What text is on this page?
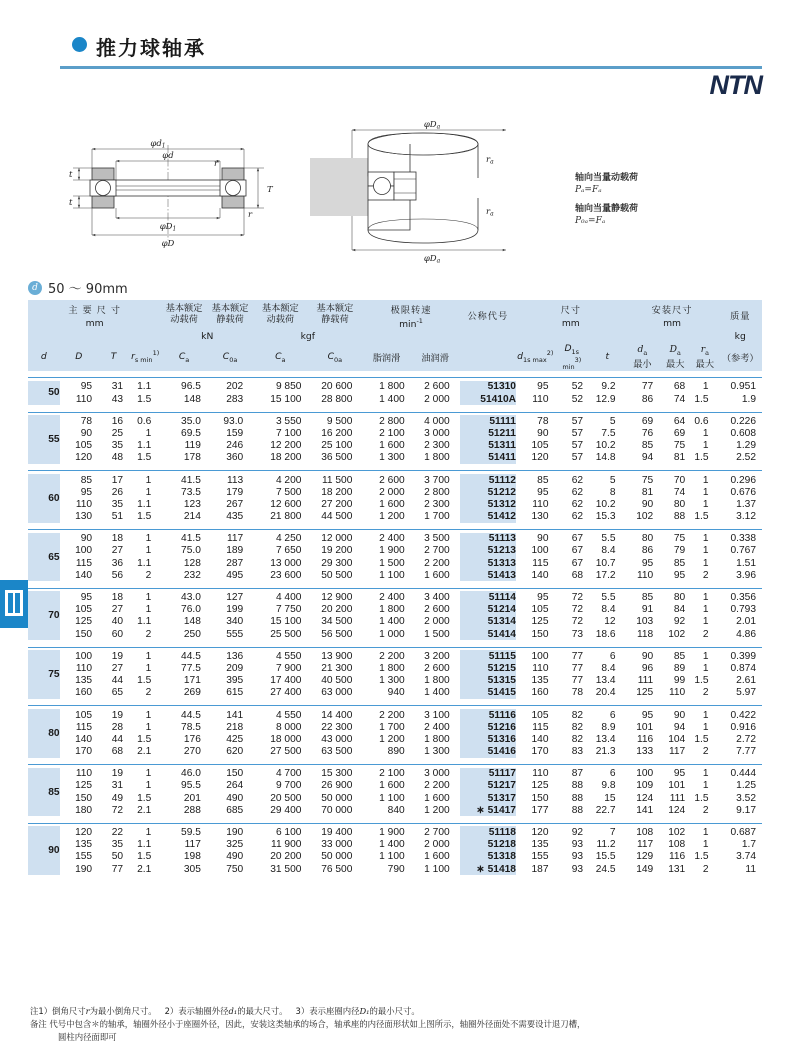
推力球轴承
NTN
φd1
φd
φD1
φD
t
t
T
r
r
φDa
φDa
ra
ra
轴向当量动载荷
Pₐ=Fₐ
轴向当量静载荷
P₀ₐ=Fₐ
d 50 ～ 90mm
主 要 尺 寸				基本额定
动载荷	基本额定
静载荷	基本额定
动载荷	基本额定
静载荷	极限转速		公称代号	尺寸			安装尺寸			质量
mm								$\min^{-1}$			mm			mm			
				kN		kgf											kg
d	D	T	$r_{s min}^{1)}$	$C_a$	$C_{0a}$	$C_a$	$C_{0a}$	脂润滑	油润滑		$d_{1s max}^{2)}$	$D_{1s min}^{3)}$	t	$d_a$
最小	$D_a$
最大	$r_a$
最大	（参考）

50	95	31	1.1	96.5	202	9 850	20 600	1 800	2 600	51310	95	52	9.2	77	68	1	0.951
	110	43	1.5	148	283	15 100	28 800	1 400	2 000	51410A	110	52	12.9	86	74	1.5	1.9

55	78	16	0.6	35.0	93.0	3 550	9 500	2 800	4 000	51111	78	57	5	69	64	0.6	0.226
	90	25	1	69.5	159	7 100	16 200	2 100	3 000	51211	90	57	7.5	76	69	1	0.608
	105	35	1.1	119	246	12 200	25 100	1 600	2 300	51311	105	57	10.2	85	75	1	1.29
	120	48	1.5	178	360	18 200	36 500	1 300	1 800	51411	120	57	14.8	94	81	1.5	2.52

60	85	17	1	41.5	113	4 200	11 500	2 600	3 700	51112	85	62	5	75	70	1	0.296
	95	26	1	73.5	179	7 500	18 200	2 000	2 800	51212	95	62	8	81	74	1	0.676
	110	35	1.1	123	267	12 600	27 200	1 600	2 300	51312	110	62	10.2	90	80	1	1.37
	130	51	1.5	214	435	21 800	44 500	1 200	1 700	51412	130	62	15.3	102	88	1.5	3.12

65	90	18	1	41.5	117	4 250	12 000	2 400	3 500	51113	90	67	5.5	80	75	1	0.338
	100	27	1	75.0	189	7 650	19 200	1 900	2 700	51213	100	67	8.4	86	79	1	0.767
	115	36	1.1	128	287	13 000	29 300	1 500	2 200	51313	115	67	10.7	95	85	1	1.51
	140	56	2	232	495	23 600	50 500	1 100	1 600	51413	140	68	17.2	110	95	2	3.96

70	95	18	1	43.0	127	4 400	12 900	2 400	3 400	51114	95	72	5.5	85	80	1	0.356
	105	27	1	76.0	199	7 750	20 200	1 800	2 600	51214	105	72	8.4	91	84	1	0.793
	125	40	1.1	148	340	15 100	34 500	1 400	2 000	51314	125	72	12	103	92	1	2.01
	150	60	2	250	555	25 500	56 500	1 000	1 500	51414	150	73	18.6	118	102	2	4.86

75	100	19	1	44.5	136	4 550	13 900	2 200	3 200	51115	100	77	6	90	85	1	0.399
	110	27	1	77.5	209	7 900	21 300	1 800	2 600	51215	110	77	8.4	96	89	1	0.874
	135	44	1.5	171	395	17 400	40 500	1 300	1 800	51315	135	77	13.4	111	99	1.5	2.61
	160	65	2	269	615	27 400	63 000	940	1 400	51415	160	78	20.4	125	110	2	5.97

80	105	19	1	44.5	141	4 550	14 400	2 200	3 100	51116	105	82	6	95	90	1	0.422
	115	28	1	78.5	218	8 000	22 300	1 700	2 400	51216	115	82	8.9	101	94	1	0.916
	140	44	1.5	176	425	18 000	43 000	1 200	1 800	51316	140	82	13.4	116	104	1.5	2.72
	170	68	2.1	270	620	27 500	63 500	890	1 300	51416	170	83	21.3	133	117	2	7.77

85	110	19	1	46.0	150	4 700	15 300	2 100	3 000	51117	110	87	6	100	95	1	0.444
	125	31	1	95.5	264	9 700	26 900	1 600	2 200	51217	125	88	9.8	109	101	1	1.25
	150	49	1.5	201	490	20 500	50 000	1 100	1 600	51317	150	88	15	124	111	1.5	3.52
	180	72	2.1	288	685	29 400	70 000	840	1 200	∗ 51417	177	88	22.7	141	124	2	9.17

90	120	22	1	59.5	190	6 100	19 400	1 900	2 700	51118	120	92	7	108	102	1	0.687
	135	35	1.1	117	325	11 900	33 000	1 400	2 000	51218	135	93	11.2	117	108	1	1.7
	155	50	1.5	198	490	20 200	50 000	1 100	1 600	51318	155	93	15.5	129	116	1.5	3.74
	190	77	2.1	305	750	31 500	76 500	790	1 100	∗ 51418	187	93	24.5	149	131	2	11
注1）倒角尺寸r为最小倒角尺寸。 2）表示轴圈外径d₁的最大尺寸。 3）表示座圈内径D₁的最小尺寸。
备注 代号中包含＊的轴承，轴圈外径小于座圈外径，因此，安装这类轴承的场合，轴承座的内径面形状如上图所示，轴圈外径面处不需要设计退刀槽，
圆柱内径面即可
